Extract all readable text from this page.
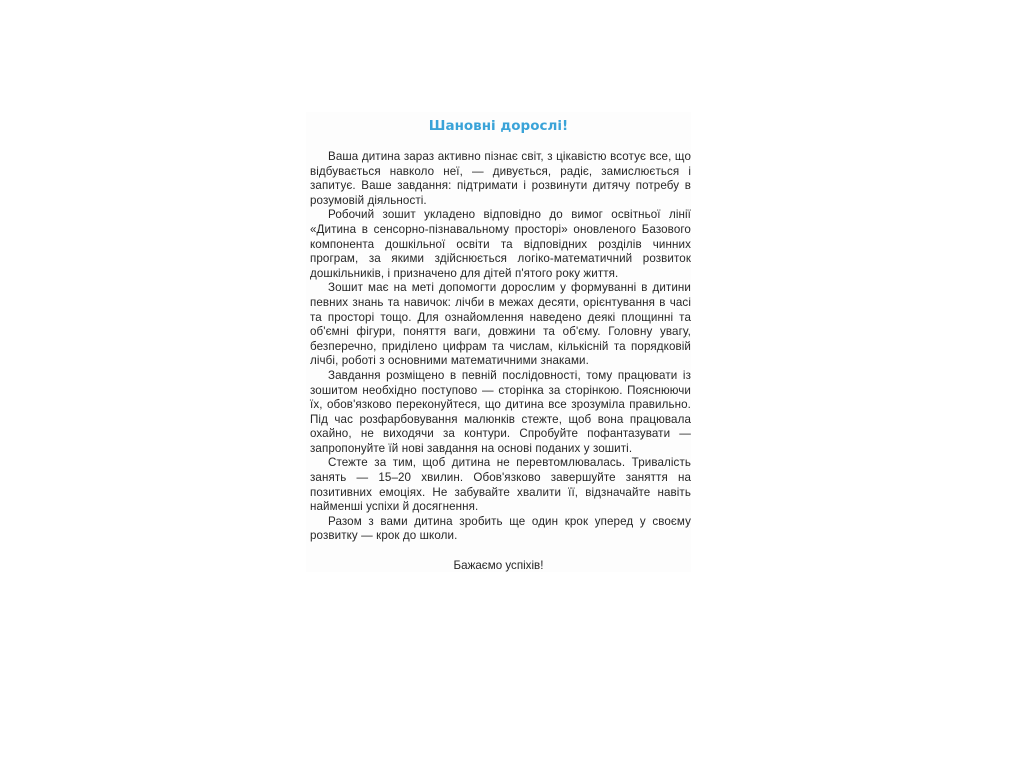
Шановні дорослі!

Ваша дитина зараз активно пізнає світ, з цікавістю всотує все, що відбувається навколо неї, — дивується, радіє, замислюється і запитує. Ваше завдання: підтримати і розвинути дитячу потребу в розумовій діяльності.

Робочий зошит укладено відповідно до вимог освітньої лінії «Дитина в сенсорно-пізнавальному просторі» оновленого Базового компонента дошкільної освіти та відповідних розділів чинних програм, за якими здійснюється логіко-математичний розвиток дошкільників, і призначено для дітей п'ятого року життя.

Зошит має на меті допомогти дорослим у формуванні в дитини певних знань та навичок: лічби в межах десяти, орієнтування в часі та просторі тощо. Для ознайомлення наведено деякі площинні та об'ємні фігури, поняття ваги, довжини та об'єму. Головну увагу, безперечно, приділено цифрам та числам, кількісній та порядковій лічбі, роботі з основними математичними знаками.

Завдання розміщено в певній послідовності, тому працювати із зошитом необхідно поступово — сторінка за сторінкою. Пояснюючи їх, обов'язково переконуйтеся, що дитина все зрозуміла правильно. Під час розфарбовування малюнків стежте, щоб вона працювала охайно, не виходячи за контури. Спробуйте пофантазувати — запропонуйте їй нові завдання на основі поданих у зошиті.

Стежте за тим, щоб дитина не перевтомлювалась. Тривалість занять — 15–20 хвилин. Обов'язково завершуйте заняття на позитивних емоціях. Не забувайте хвалити її, відзначайте навіть найменші успіхи й досягнення.

Разом з вами дитина зробить ще один крок уперед у своєму розвитку — крок до школи.

Бажаємо успіхів!
